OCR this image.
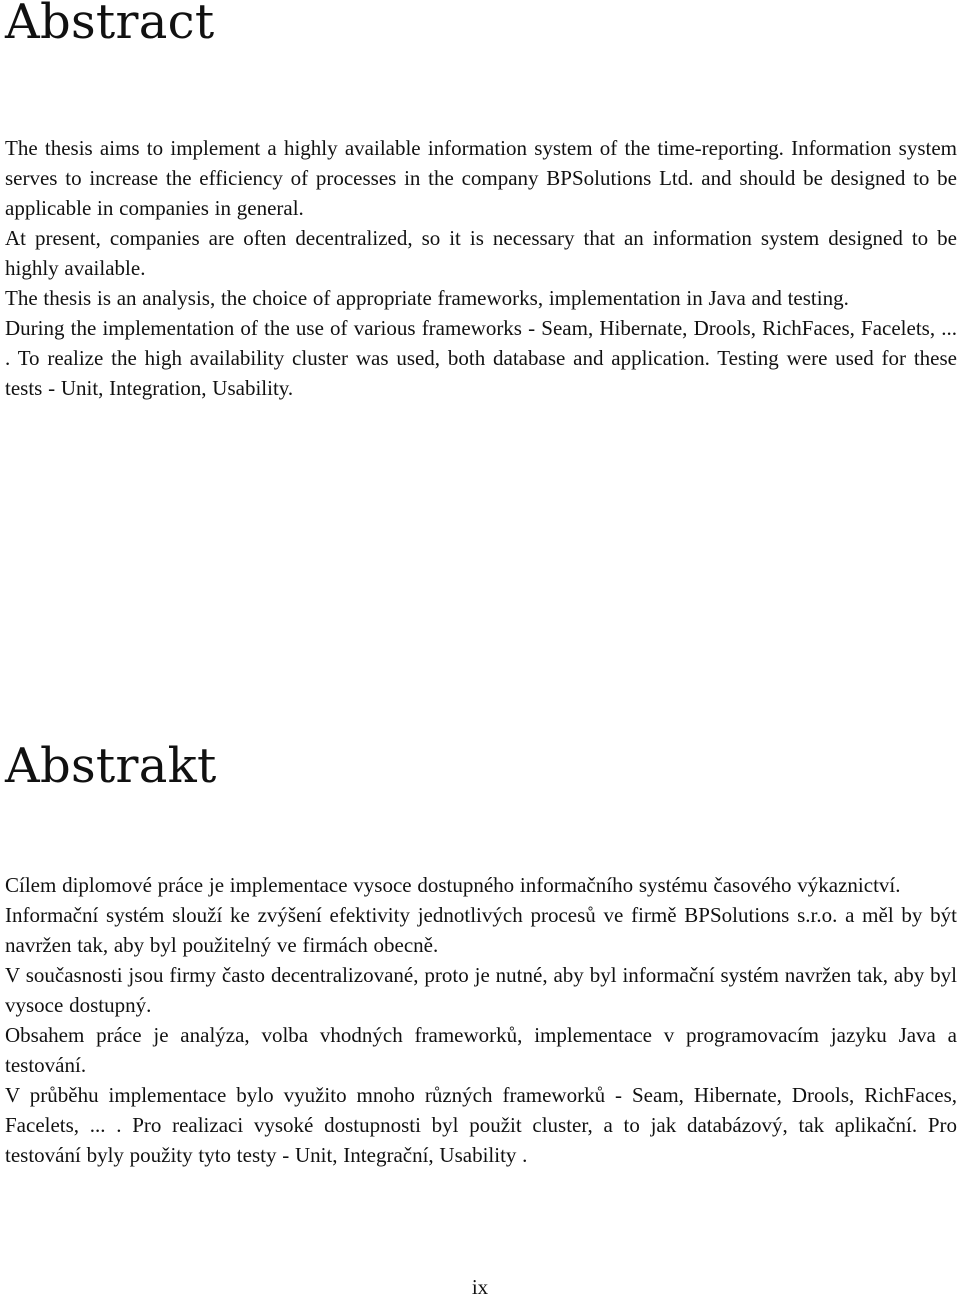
Abstract

The thesis aims to implement a highly available information system of the time-reporting. Information system serves to increase the efficiency of processes in the company BPSolutions Ltd. and should be designed to be applicable in companies in general.

At present, companies are often decentralized, so it is necessary that an information system designed to be highly available.

The thesis is an analysis, the choice of appropriate frameworks, implementation in Java and testing.

During the implementation of the use of various frameworks - Seam, Hibernate, Drools, RichFaces, Facelets, ... . To realize the high availability cluster was used, both database and application. Testing were used for these tests - Unit, Integration, Usability.

Abstrakt

Cílem diplomové práce je implementace vysoce dostupného informačního systému časového výkaznictví.

Informační systém slouží ke zvýšení efektivity jednotlivých procesů ve firmě BPSolutions s.r.o. a měl by být navržen tak, aby byl použitelný ve firmách obecně.

V současnosti jsou firmy často decentralizované, proto je nutné, aby byl informační systém navržen tak, aby byl vysoce dostupný.

Obsahem práce je analýza, volba vhodných frameworků, implementace v programovacím jazyku Java a testování.

V průběhu implementace bylo využito mnoho různých frameworků - Seam, Hibernate, Drools, RichFaces, Facelets, ... . Pro realizaci vysoké dostupnosti byl použit cluster, a to jak databázový, tak aplikační. Pro testování byly použity tyto testy - Unit, Integrační, Usability .

ix
